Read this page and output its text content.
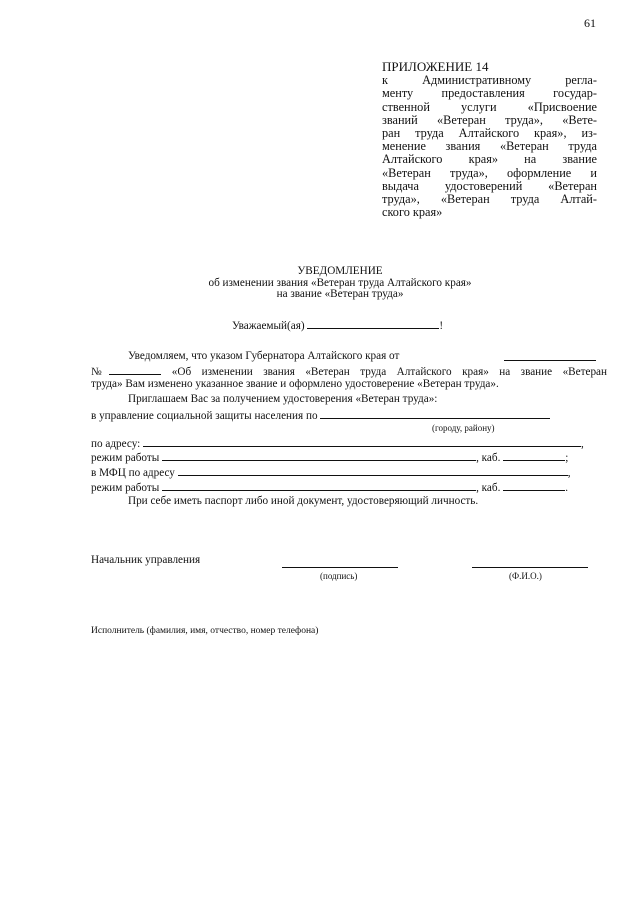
61
ПРИЛОЖЕНИЕ 14
к Административному регла-
менту предоставления государ-
ственной услуги «Присвоение
званий «Ветеран труда», «Вете-
ран труда Алтайского края», из-
менение звания «Ветеран труда
Алтайского края» на звание
«Ветеран труда», оформление и
выдача удостоверений «Ветеран
труда», «Ветеран труда Алтай-
ского края»
УВЕДОМЛЕНИЕ
об изменении звания «Ветеран труда Алтайского края»
на звание «Ветеран труда»
Уважаемый(ая)	!
Уведомляем, что указом Губернатора Алтайского края от
№	«Об изменении звания «Ветеран труда Алтайского края» на звание «Ветеран
труда» Вам изменено указанное звание и оформлено удостоверение «Ветеран труда».
Приглашаем Вас за получением удостоверения «Ветеран труда»:
в управление социальной защиты населения по
(городу, району)
по адресу:	,
режим работы	, каб.	;
в МФЦ по адресу	,
режим работы	, каб.	.
При себе иметь паспорт либо иной документ, удостоверяющий личность.
Начальник управления
(подпись)	(Ф.И.О.)
Исполнитель (фамилия, имя, отчество, номер телефона)
